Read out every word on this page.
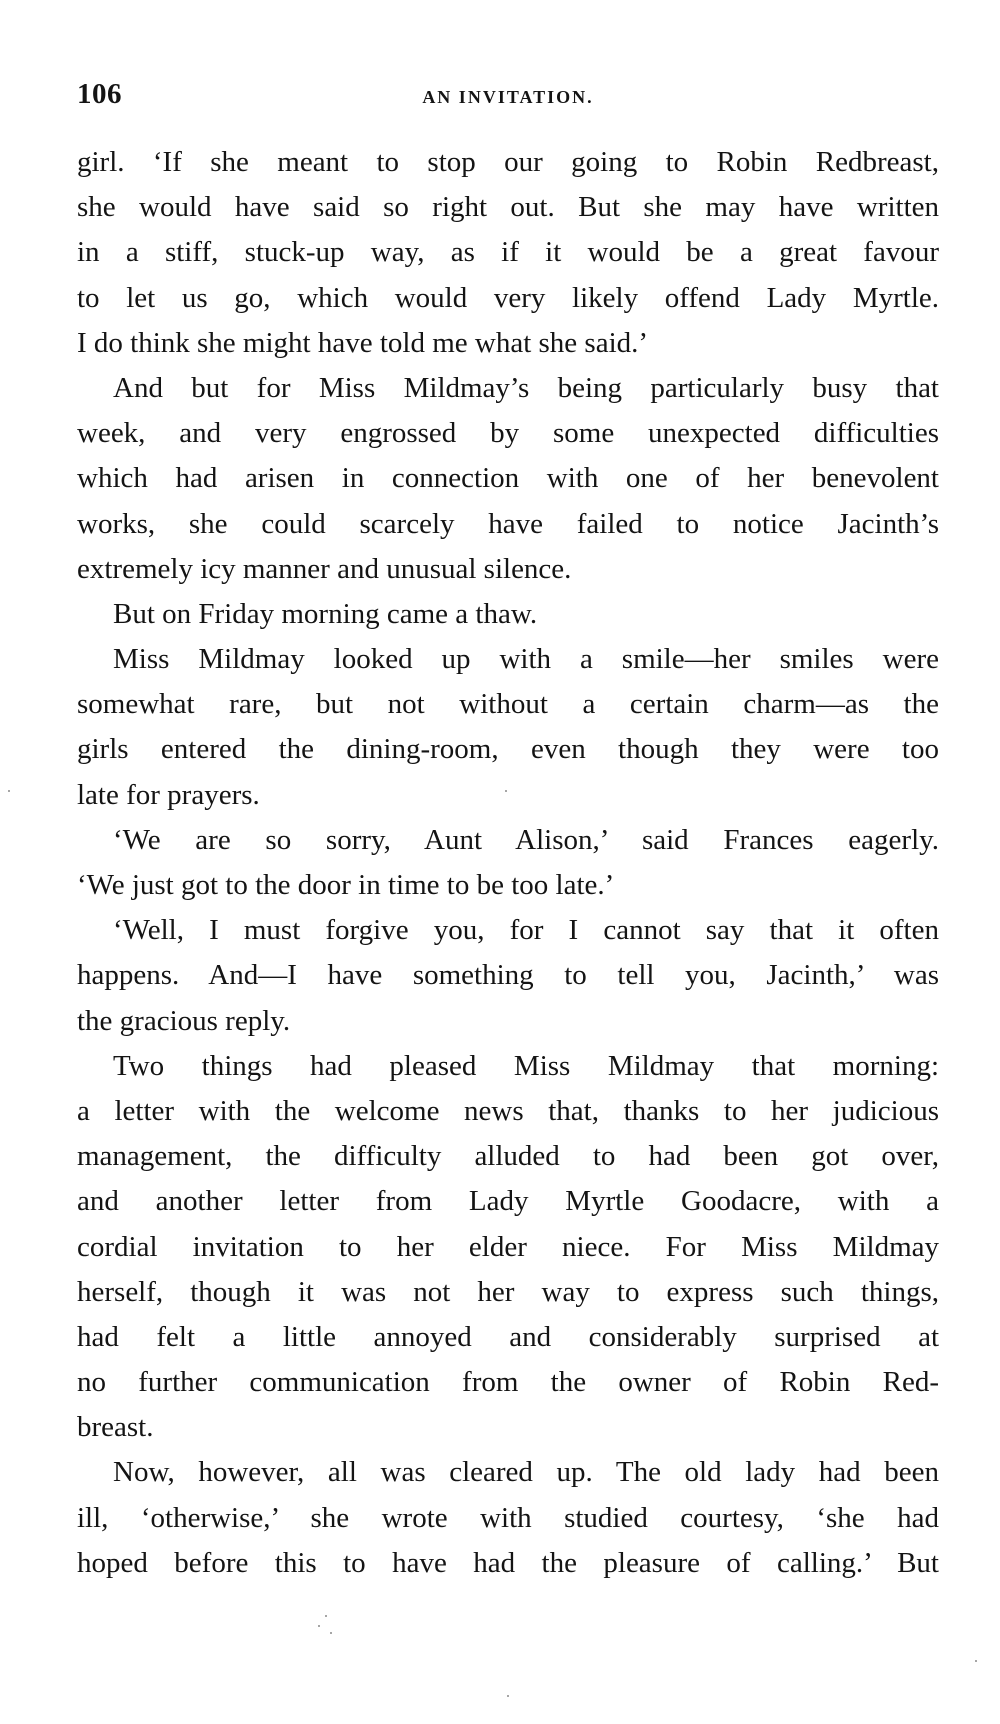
106	AN INVITATION.
girl. ‘If she meant to stop our going to Robin Redbreast,
she would have said so right out. But she may have written
in a stiff, stuck-up way, as if it would be a great favour
to let us go, which would very likely offend Lady Myrtle.
I do think she might have told me what she said.’
And but for Miss Mildmay’s being particularly busy that
week, and very engrossed by some unexpected difficulties
which had arisen in connection with one of her benevolent
works, she could scarcely have failed to notice Jacinth’s
extremely icy manner and unusual silence.
But on Friday morning came a thaw.
Miss Mildmay looked up with a smile—her smiles were
somewhat rare, but not without a certain charm—as the
girls entered the dining-room, even though they were too
late for prayers.
‘We are so sorry, Aunt Alison,’ said Frances eagerly.
‘We just got to the door in time to be too late.’
‘Well, I must forgive you, for I cannot say that it often
happens. And—I have something to tell you, Jacinth,’ was
the gracious reply.
Two things had pleased Miss Mildmay that morning:
a letter with the welcome news that, thanks to her judicious
management, the difficulty alluded to had been got over,
and another letter from Lady Myrtle Goodacre, with a
cordial invitation to her elder niece. For Miss Mildmay
herself, though it was not her way to express such things,
had felt a little annoyed and considerably surprised at
no further communication from the owner of Robin Red-
breast.
Now, however, all was cleared up. The old lady had been
ill, ‘otherwise,’ she wrote with studied courtesy, ‘she had
hoped before this to have had the pleasure of calling.’ But
